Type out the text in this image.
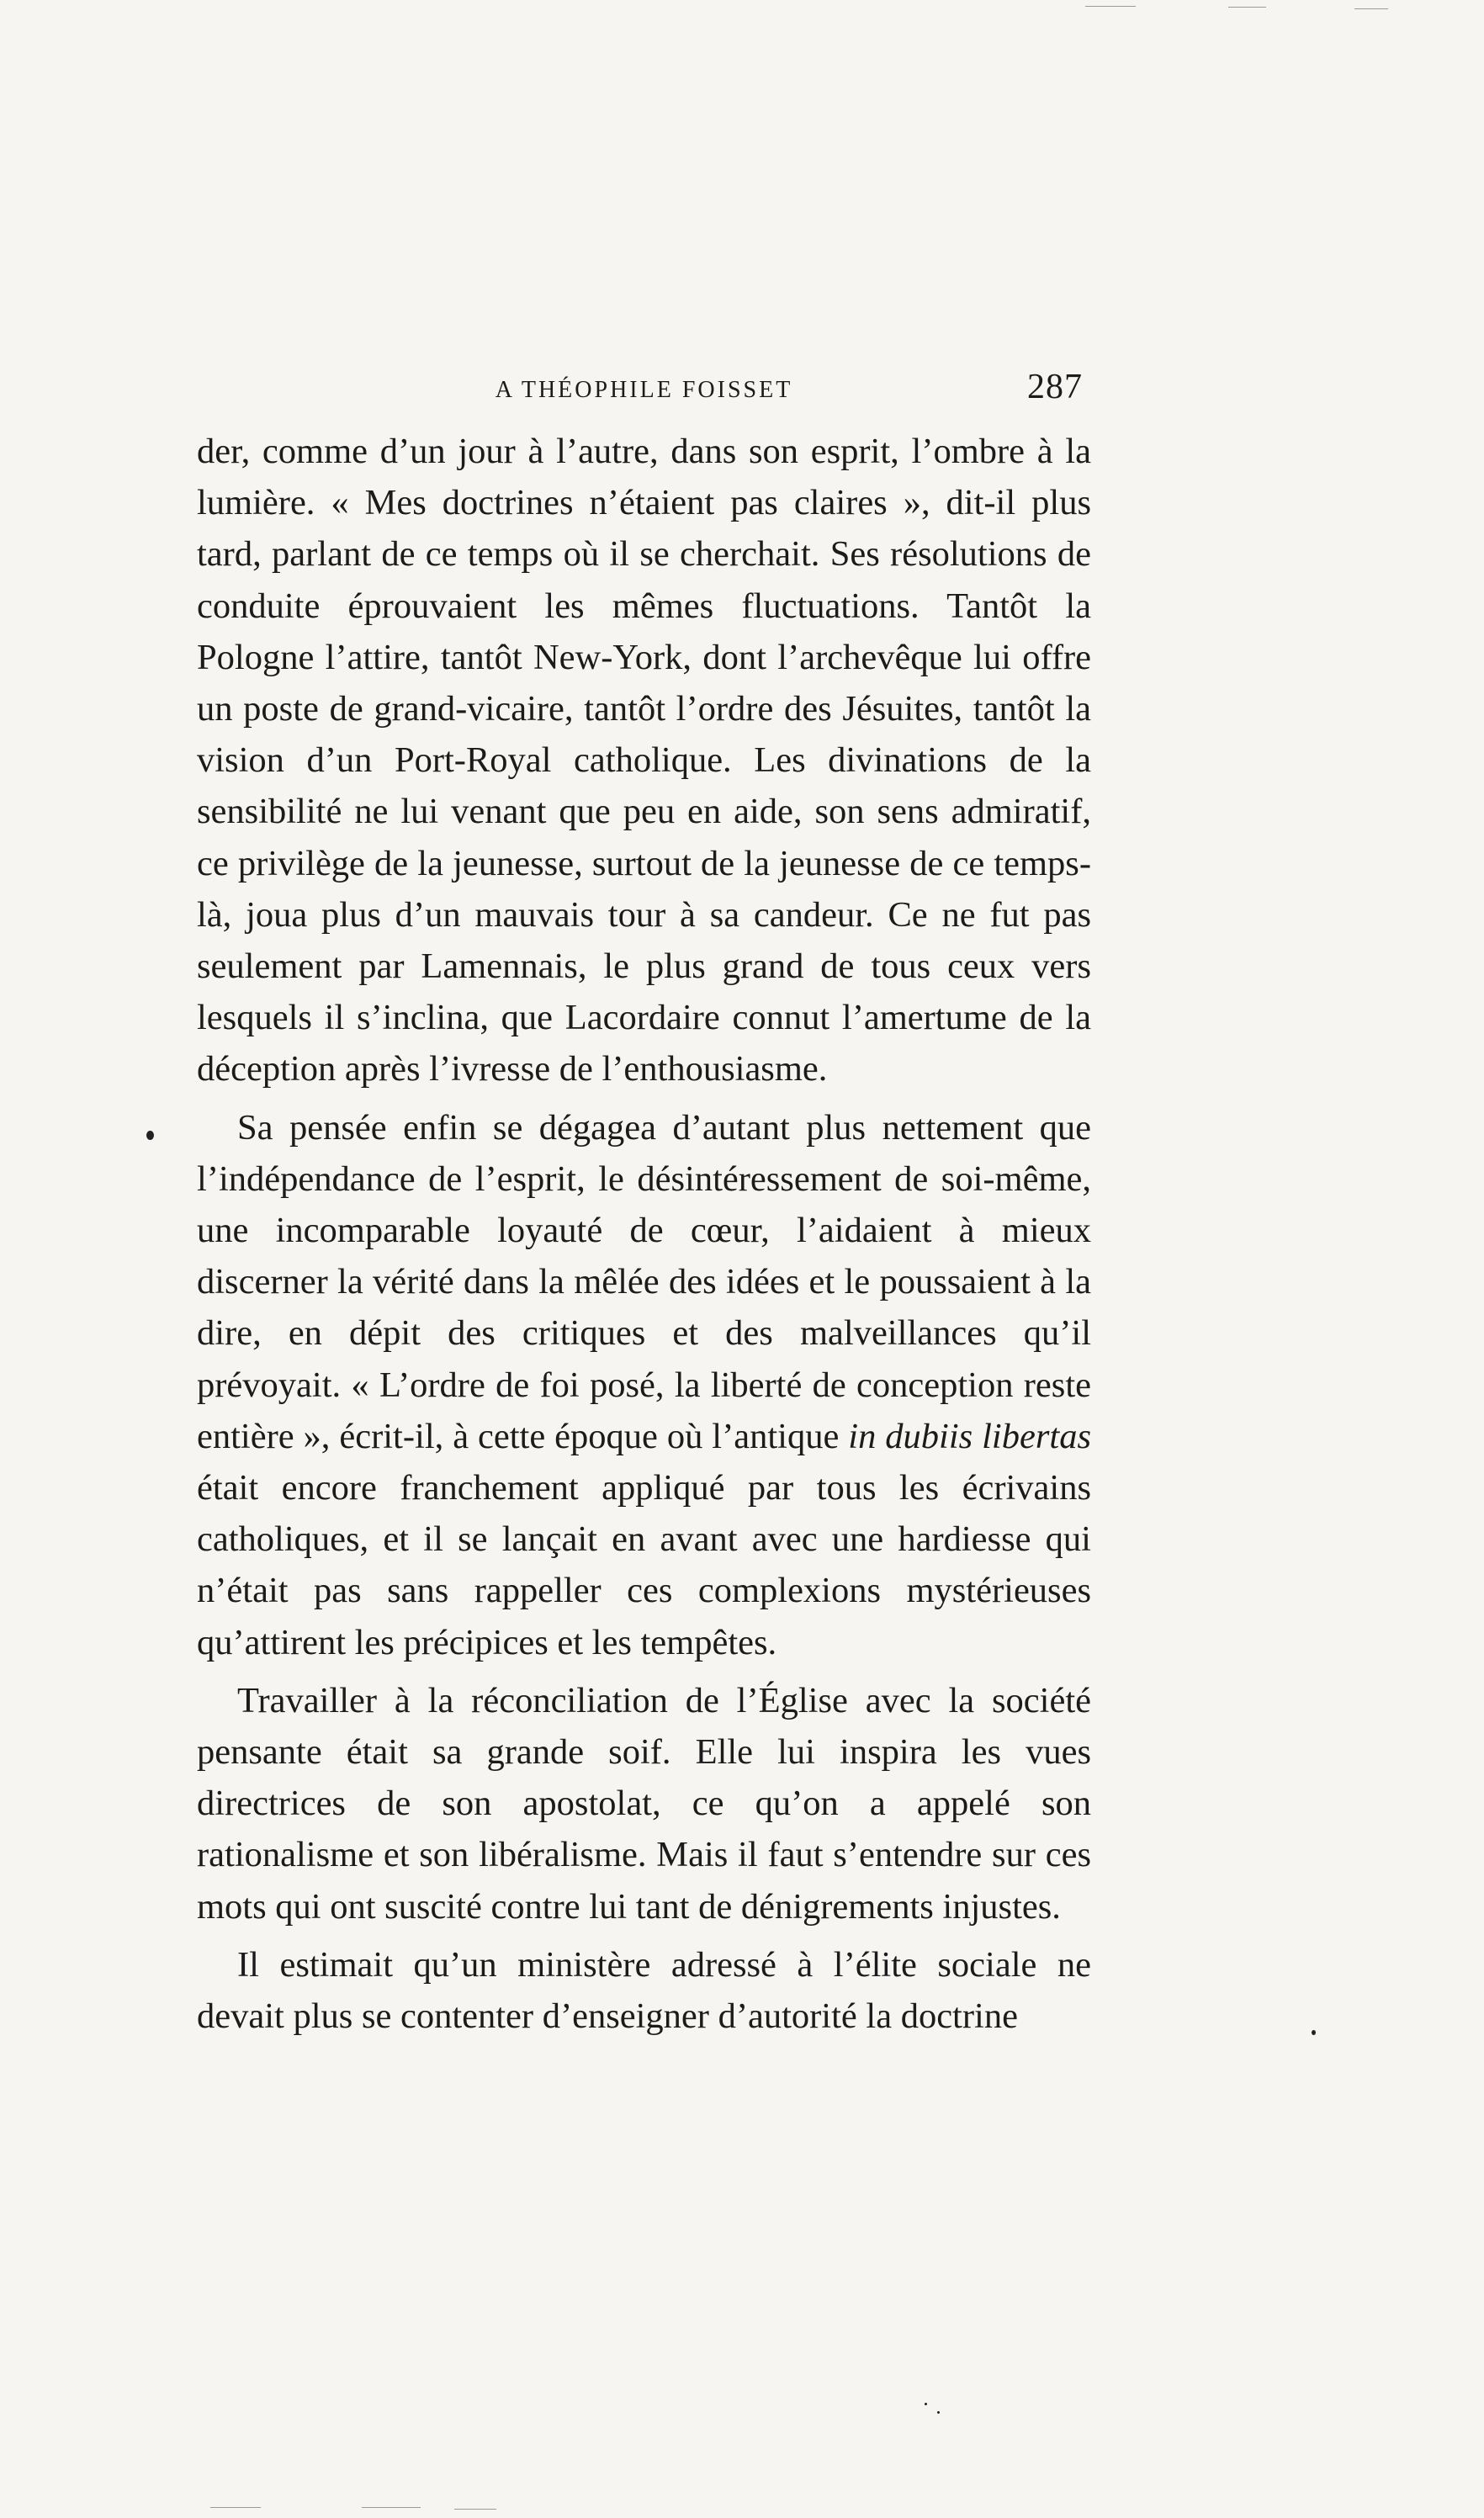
A THÉOPHILE FOISSET	287

der, comme d’un jour à l’autre, dans son esprit, l’ombre à la lumière. « Mes doctrines n’étaient pas claires », dit-il plus tard, parlant de ce temps où il se cherchait. Ses résolutions de conduite éprouvaient les mêmes fluctuations. Tantôt la Pologne l’attire, tantôt New-York, dont l’archevêque lui offre un poste de grand-vicaire, tantôt l’ordre des Jésuites, tantôt la vision d’un Port-Royal catholique. Les divinations de la sensibilité ne lui venant que peu en aide, son sens admiratif, ce privilège de la jeunesse, surtout de la jeunesse de ce temps-là, joua plus d’un mauvais tour à sa candeur. Ce ne fut pas seulement par Lamennais, le plus grand de tous ceux vers lesquels il s’inclina, que Lacordaire connut l’amertume de la déception après l’ivresse de l’enthousiasme.

Sa pensée enfin se dégagea d’autant plus nettement que l’indépendance de l’esprit, le désintéressement de soi-même, une incomparable loyauté de cœur, l’aidaient à mieux discerner la vérité dans la mêlée des idées et le poussaient à la dire, en dépit des critiques et des malveillances qu’il prévoyait. « L’ordre de foi posé, la liberté de conception reste entière », écrit-il, à cette époque où l’antique in dubiis libertas était encore franchement appliqué par tous les écrivains catholiques, et il se lançait en avant avec une hardiesse qui n’était pas sans rappeller ces complexions mystérieuses qu’attirent les précipices et les tempêtes.

Travailler à la réconciliation de l’Église avec la société pensante était sa grande soif. Elle lui inspira les vues directrices de son apostolat, ce qu’on a appelé son rationalisme et son libéralisme. Mais il faut s’entendre sur ces mots qui ont suscité contre lui tant de dénigrements injustes.

Il estimait qu’un ministère adressé à l’élite sociale ne devait plus se contenter d’enseigner d’autorité la doctrine
